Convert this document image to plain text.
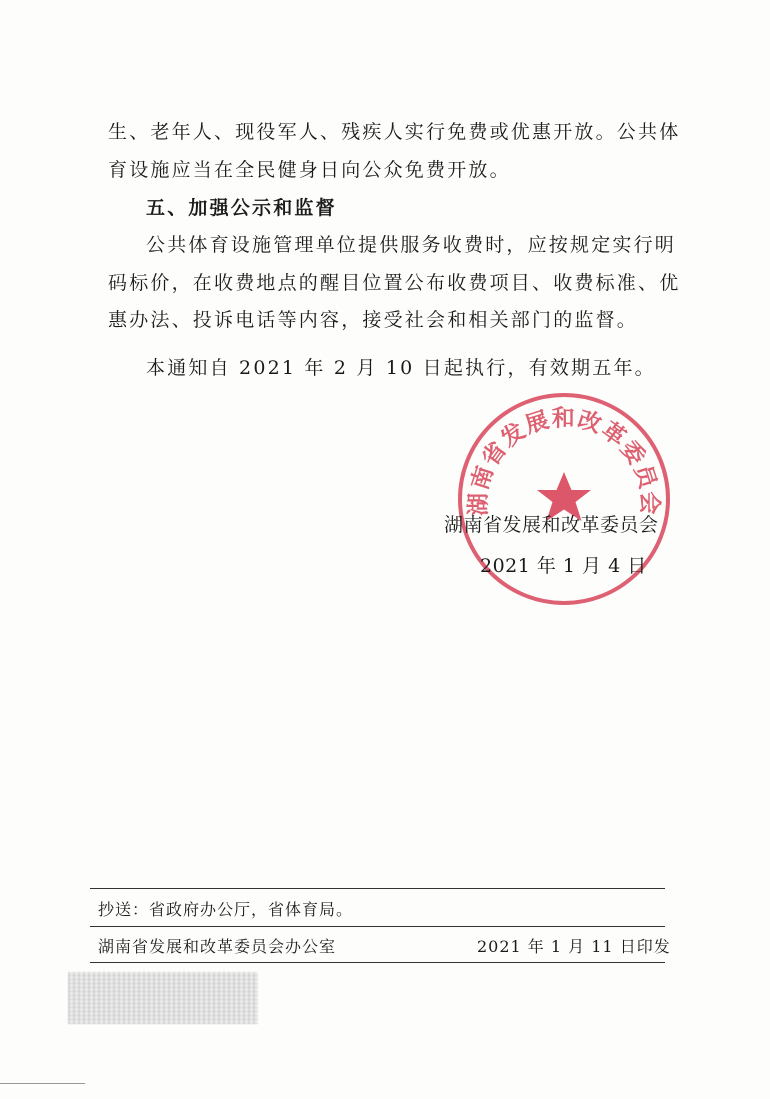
生、老年人、现役军人、残疾人实行免费或优惠开放。公共体
育设施应当在全民健身日向公众免费开放。
五、加强公示和监督
公共体育设施管理单位提供服务收费时，应按规定实行明
码标价，在收费地点的醒目位置公布收费项目、收费标准、优
惠办法、投诉电话等内容，接受社会和相关部门的监督。
本通知自 2021 年 2 月 10 日起执行，有效期五年。
湖南省发展和改革委员会
湖南省发展和改革委员会
2021 年 1 月 4 日
抄送：省政府办公厅，省体育局。
湖南省发展和改革委员会办公室	2021 年 1 月 11 日印发
